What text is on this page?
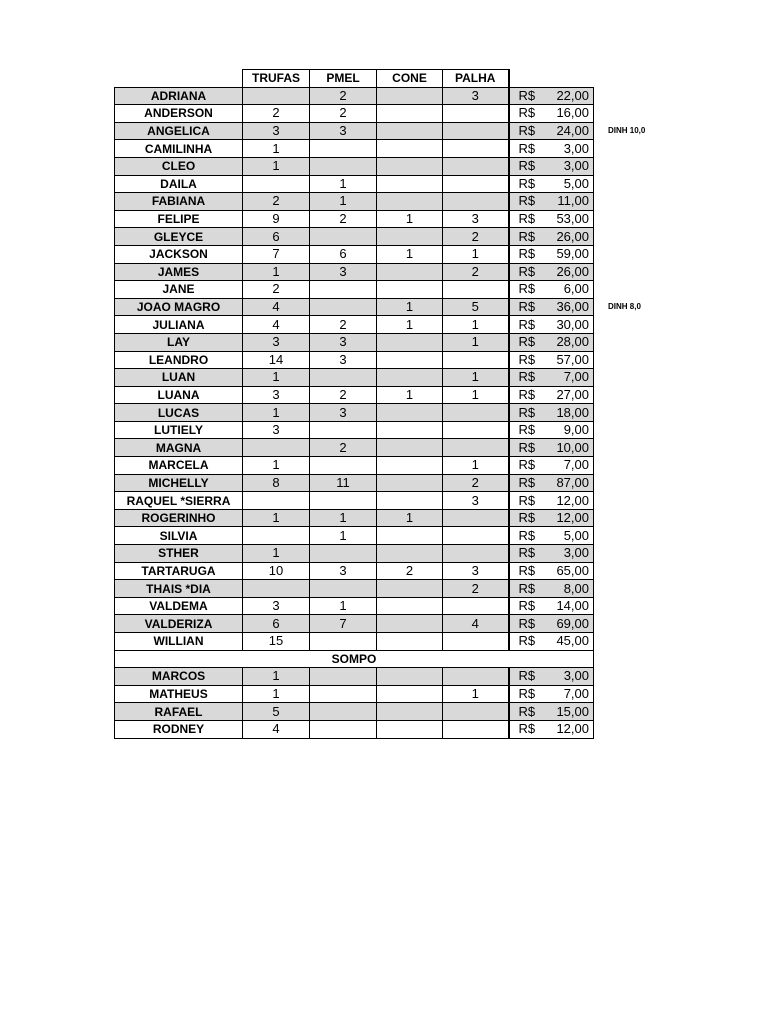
	TRUFAS	PMEL	CONE	PALHA		
ADRIANA		2		3	R$	22,00
ANDERSON	2	2			R$	16,00
ANGELICA	3	3			R$	24,00
CAMILINHA	1				R$	3,00
CLEO	1				R$	3,00
DAILA		1			R$	5,00
FABIANA	2	1			R$	11,00
FELIPE	9	2	1	3	R$	53,00
GLEYCE	6			2	R$	26,00
JACKSON	7	6	1	1	R$	59,00
JAMES	1	3		2	R$	26,00
JANE	2				R$	6,00
JOAO MAGRO	4		1	5	R$	36,00
JULIANA	4	2	1	1	R$	30,00
LAY	3	3		1	R$	28,00
LEANDRO	14	3			R$	57,00
LUAN	1			1	R$	7,00
LUANA	3	2	1	1	R$	27,00
LUCAS	1	3			R$	18,00
LUTIELY	3				R$	9,00
MAGNA		2			R$	10,00
MARCELA	1			1	R$	7,00
MICHELLY	8	11		2	R$	87,00
RAQUEL *SIERRA				3	R$	12,00
ROGERINHO	1	1	1		R$	12,00
SILVIA		1			R$	5,00
STHER	1				R$	3,00
TARTARUGA	10	3	2	3	R$	65,00
THAIS *DIA				2	R$	8,00
VALDEMA	3	1			R$	14,00
VALDERIZA	6	7		4	R$	69,00
WILLIAN	15				R$	45,00
SOMPO						
MARCOS	1				R$	3,00
MATHEUS	1			1	R$	7,00
RAFAEL	5				R$	15,00
RODNEY	4				R$	12,00
DINH 10,0
DINH 8,0
